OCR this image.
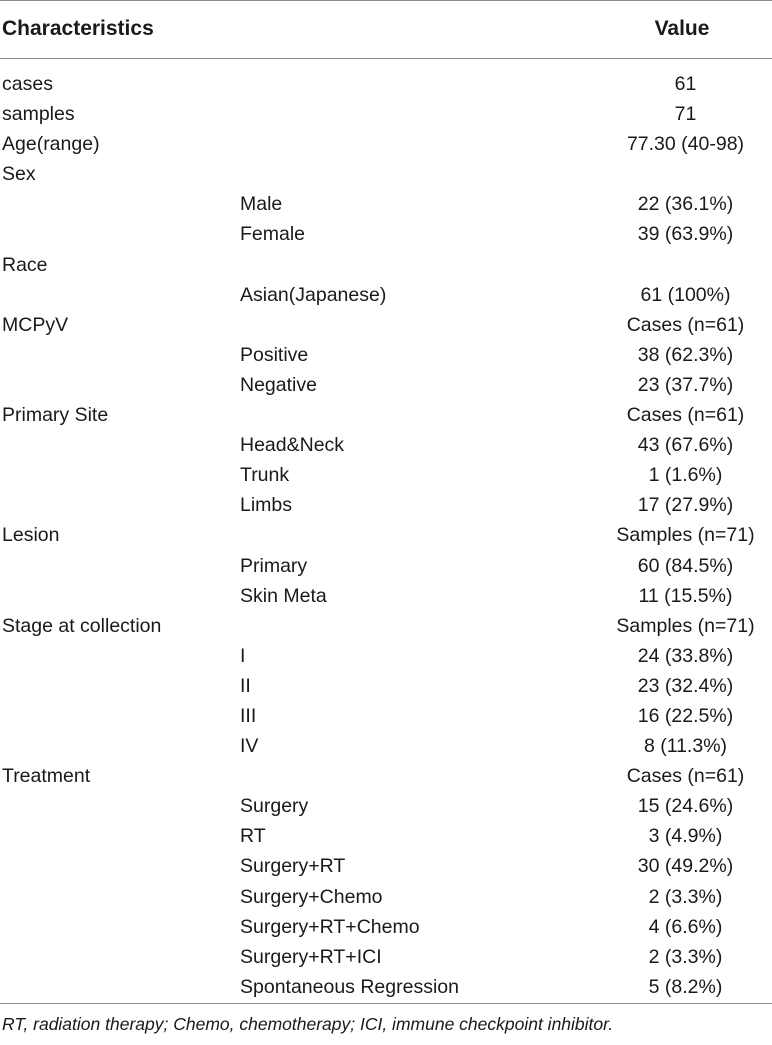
Characteristics	Value
cases	61
samples	71
Age(range)	77.30 (40-98)
Sex
Male	22 (36.1%)
Female	39 (63.9%)
Race
Asian(Japanese)	61 (100%)
MCPyV	Cases (n=61)
Positive	38 (62.3%)
Negative	23 (37.7%)
Primary Site	Cases (n=61)
Head&Neck	43 (67.6%)
Trunk	1 (1.6%)
Limbs	17 (27.9%)
Lesion	Samples (n=71)
Primary	60 (84.5%)
Skin Meta	11 (15.5%)
Stage at collection	Samples (n=71)
I	24 (33.8%)
II	23 (32.4%)
III	16 (22.5%)
IV	8 (11.3%)
Treatment	Cases (n=61)
Surgery	15 (24.6%)
RT	3 (4.9%)
Surgery+RT	30 (49.2%)
Surgery+Chemo	2 (3.3%)
Surgery+RT+Chemo	4 (6.6%)
Surgery+RT+ICI	2 (3.3%)
Spontaneous Regression	5 (8.2%)
RT, radiation therapy; Chemo, chemotherapy; ICI, immune checkpoint inhibitor.
